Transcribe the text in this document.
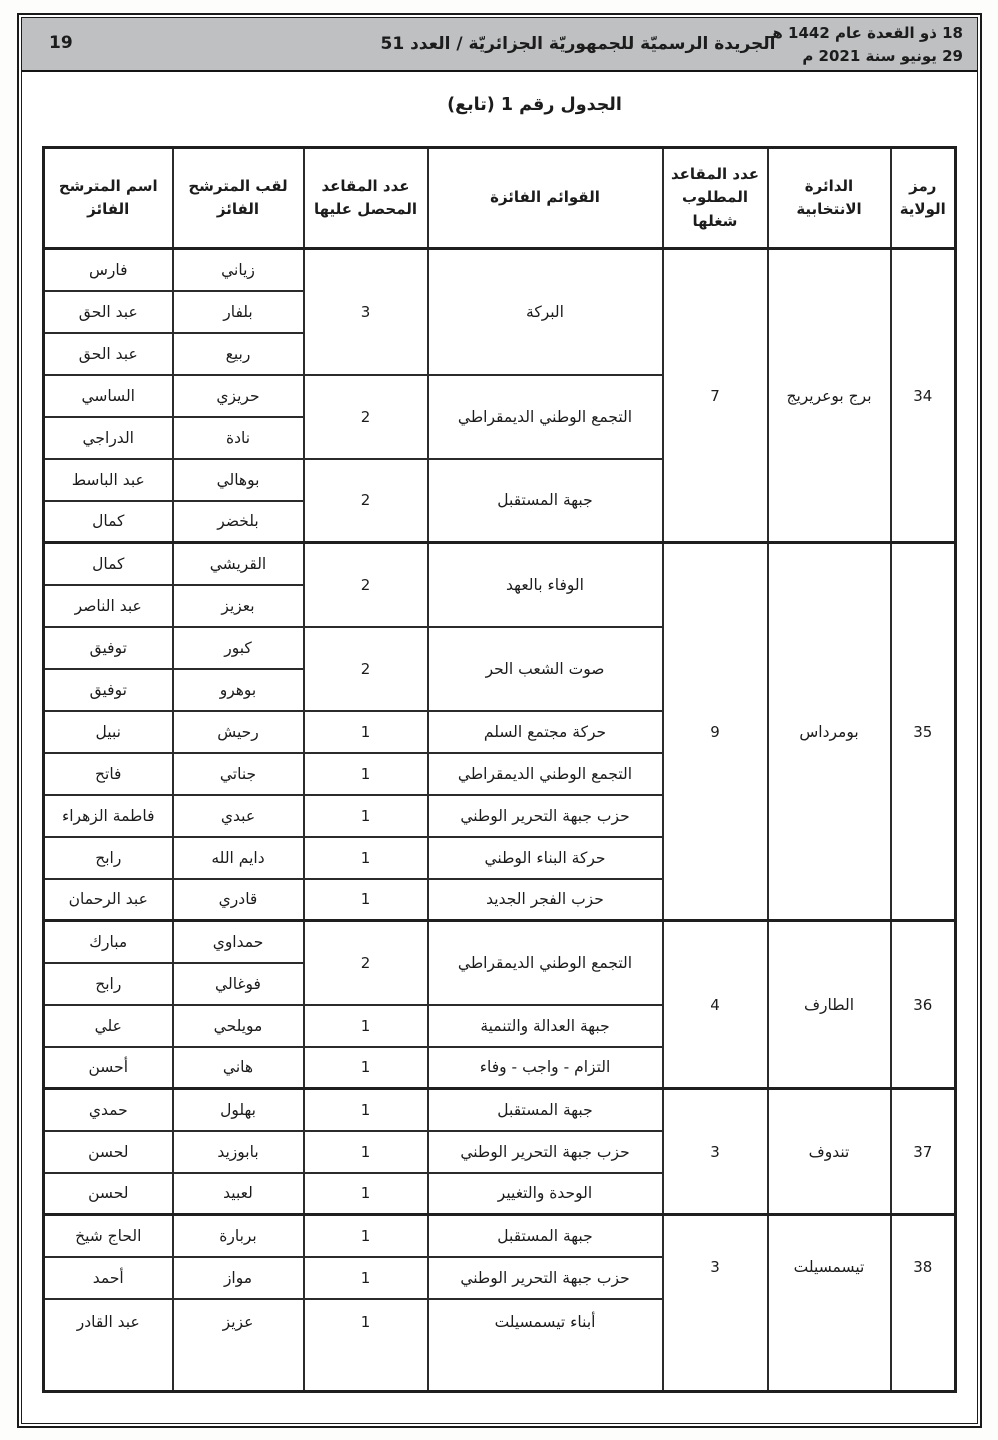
19	الجريدة الرسميّة للجمهوريّة الجزائريّة / العدد 51
18 ذو القعدة عام 1442 هـ
29 يونيو سنة 2021 م
الجدول رقم 1 (تابع)
رمز الولاية	الدائرة الانتخابية	عدد المقاعد المطلوب شغلها	القوائم الفائزة	عدد المقاعد المحصل عليها	لقب المترشح الفائز	اسم المترشح الفائز
34	برج بوعريريج	7	البركة	3	زياني	فارس
					بلفار	عبد الحق
					ربيع	عبد الحق
			التجمع الوطني الديمقراطي	2	حريزي	الساسي
					نادة	الدراجي
			جبهة المستقبل	2	بوهالي	عبد الباسط
					بلخضر	كمال
35	بومرداس	9	الوفاء بالعهد	2	القريشي	كمال
					بعزيز	عبد الناصر
			صوت الشعب الحر	2	كبور	توفيق
					بوهرو	توفيق
			حركة مجتمع السلم	1	رحيش	نبيل
			التجمع الوطني الديمقراطي	1	جناتي	فاتح
			حزب جبهة التحرير الوطني	1	عبدي	فاطمة الزهراء
			حركة البناء الوطني	1	دايم الله	رابح
			حزب الفجر الجديد	1	قادري	عبد الرحمان
36	الطارف	4	التجمع الوطني الديمقراطي	2	حمداوي	مبارك
					فوغالي	رابح
			جبهة العدالة والتنمية	1	مويلحي	علي
			التزام - واجب - وفاء	1	هاني	أحسن
37	تندوف	3	جبهة المستقبل	1	بهلول	حمدي
			حزب جبهة التحرير الوطني	1	بابوزيد	لحسن
			الوحدة والتغيير	1	لعبيد	لحسن
38	تيسمسيلت	3	جبهة المستقبل	1	بربارة	الحاج شيخ
			حزب جبهة التحرير الوطني	1	مواز	أحمد
			أبناء تيسمسيلت	1	عزيز	عبد القادر
